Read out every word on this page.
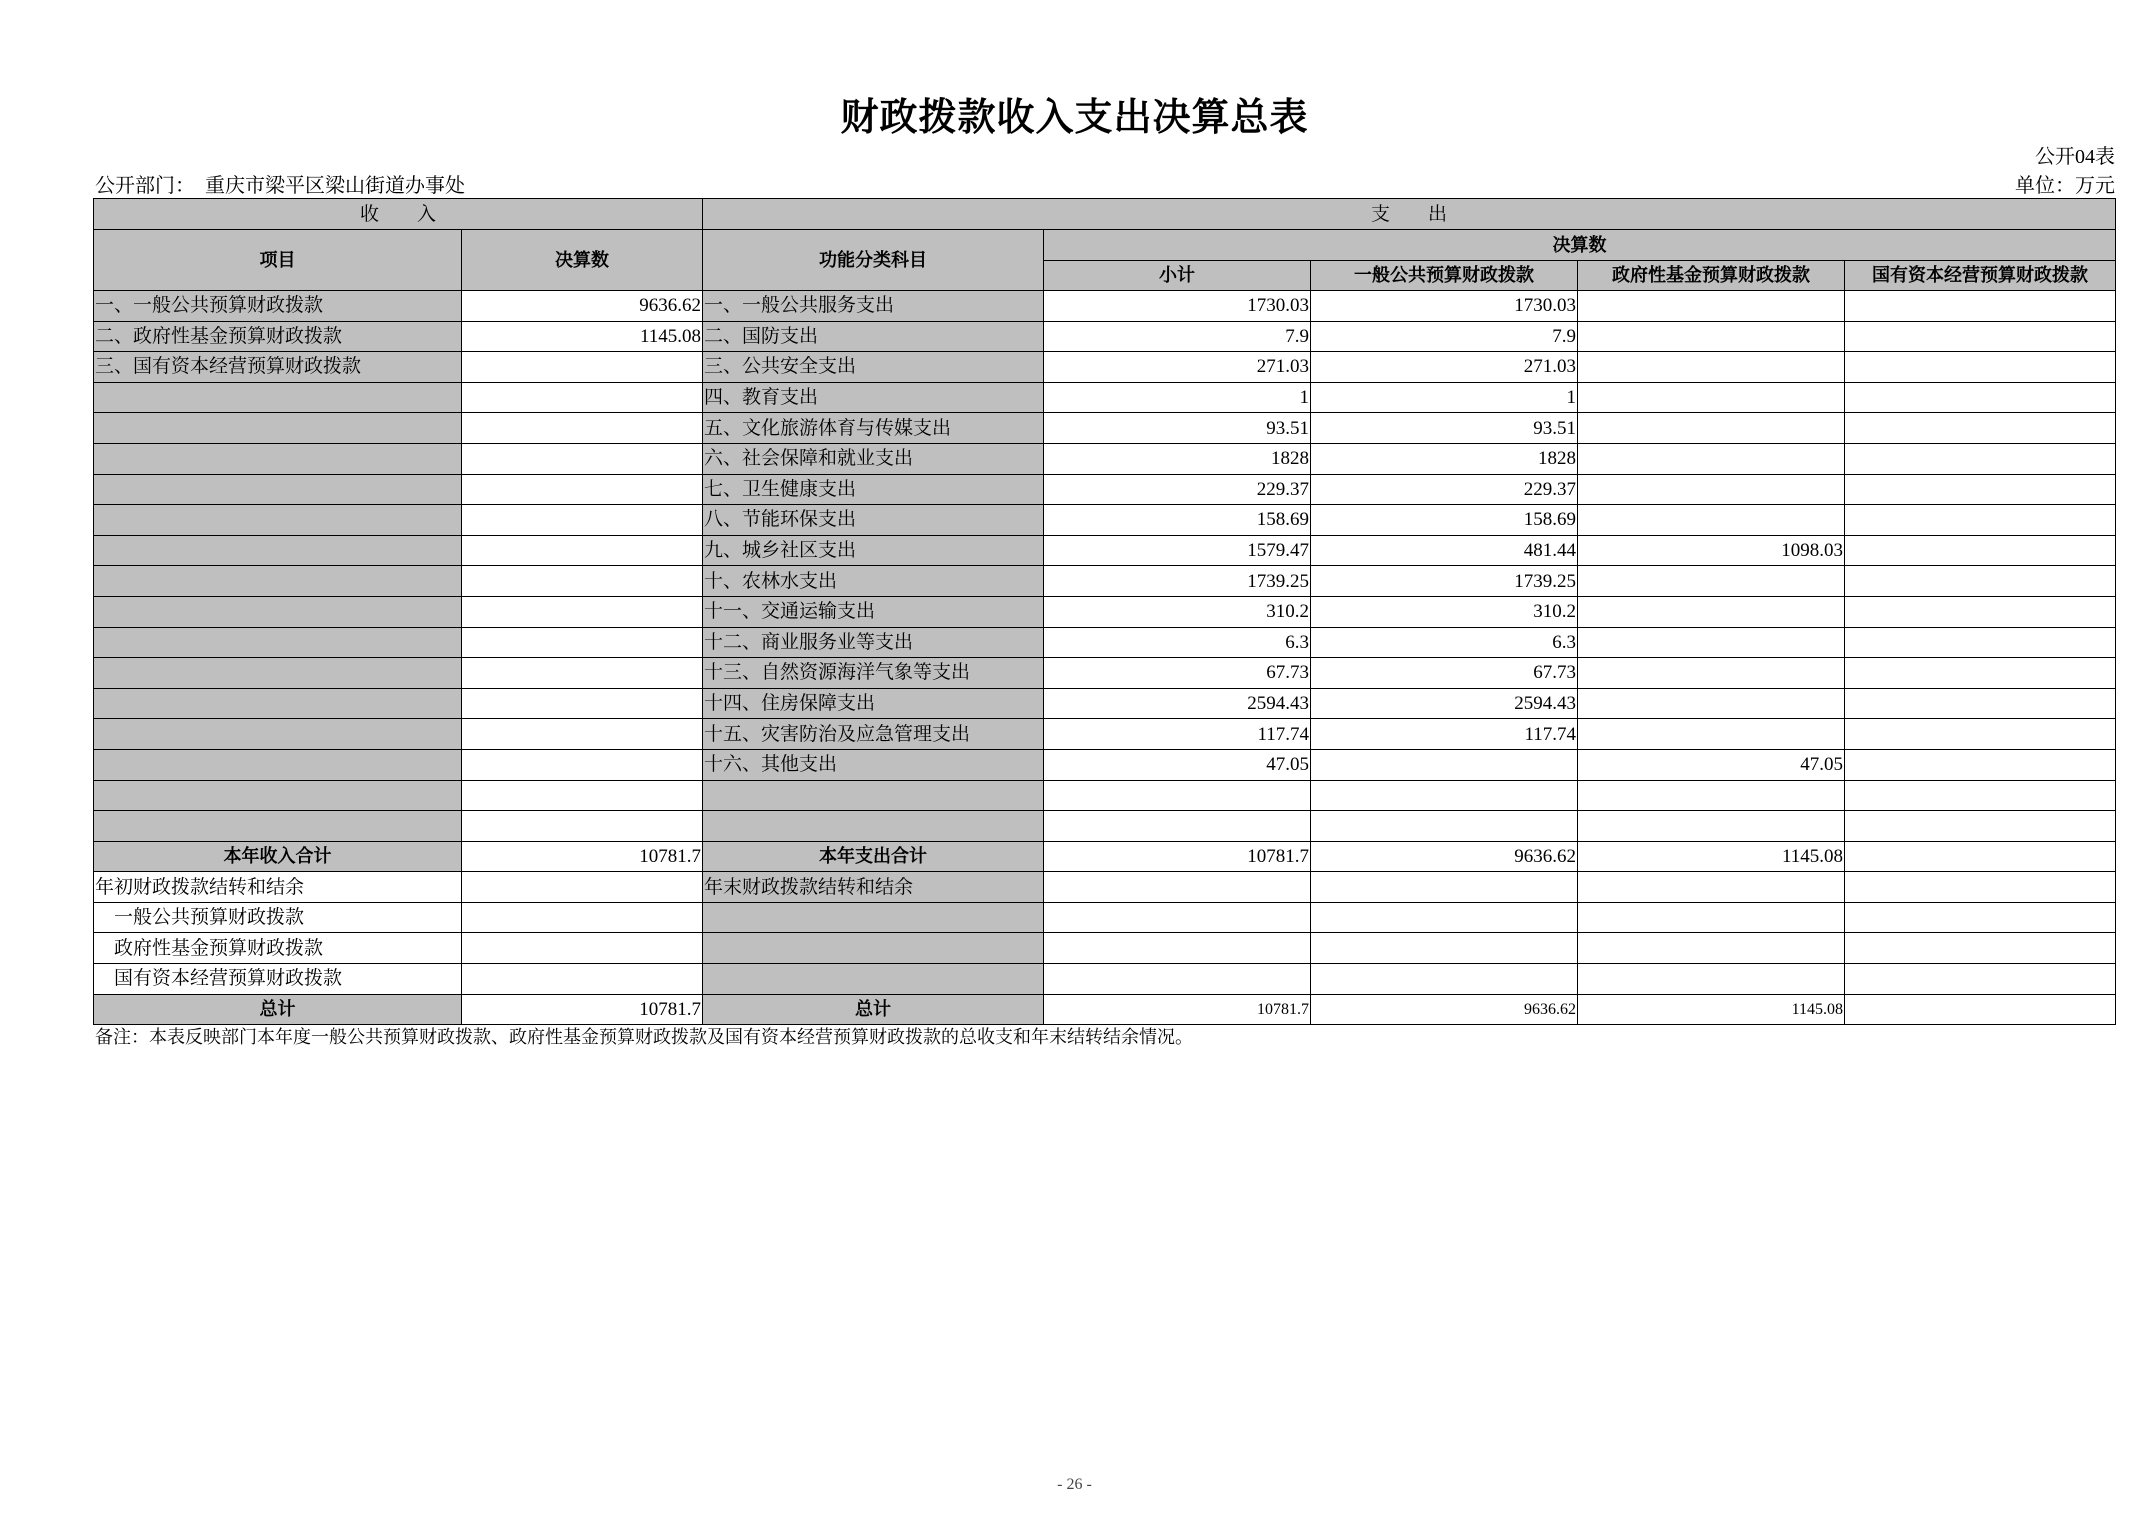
财政拨款收入支出决算总表
公开04表
公开部门： 重庆市梁平区梁山街道办事处	单位：万元
收　　入		支　　出				
项目	决算数	功能分类科目	决算数			
			小计	一般公共预算财政拨款	政府性基金预算财政拨款	国有资本经营预算财政拨款
一、一般公共预算财政拨款	9636.62	一、一般公共服务支出	1730.03	1730.03		
二、政府性基金预算财政拨款	1145.08	二、国防支出	7.9	7.9		
三、国有资本经营预算财政拨款		三、公共安全支出	271.03	271.03		
		四、教育支出	1	1		
		五、文化旅游体育与传媒支出	93.51	93.51		
		六、社会保障和就业支出	1828	1828		
		七、卫生健康支出	229.37	229.37		
		八、节能环保支出	158.69	158.69		
		九、城乡社区支出	1579.47	481.44	1098.03	
		十、农林水支出	1739.25	1739.25		
		十一、交通运输支出	310.2	310.2		
		十二、商业服务业等支出	6.3	6.3		
		十三、自然资源海洋气象等支出	67.73	67.73		
		十四、住房保障支出	2594.43	2594.43		
		十五、灾害防治及应急管理支出	117.74	117.74		
		十六、其他支出	47.05		47.05	

本年收入合计	10781.7	本年支出合计	10781.7	9636.62	1145.08	
年初财政拨款结转和结余		年末财政拨款结转和结余				
一般公共预算财政拨款						
政府性基金预算财政拨款						
国有资本经营预算财政拨款						
总计	10781.7	总计	10781.7	9636.62	1145.08	
备注：本表反映部门本年度一般公共预算财政拨款、政府性基金预算财政拨款及国有资本经营预算财政拨款的总收支和年末结转结余情况。
- 26 -
